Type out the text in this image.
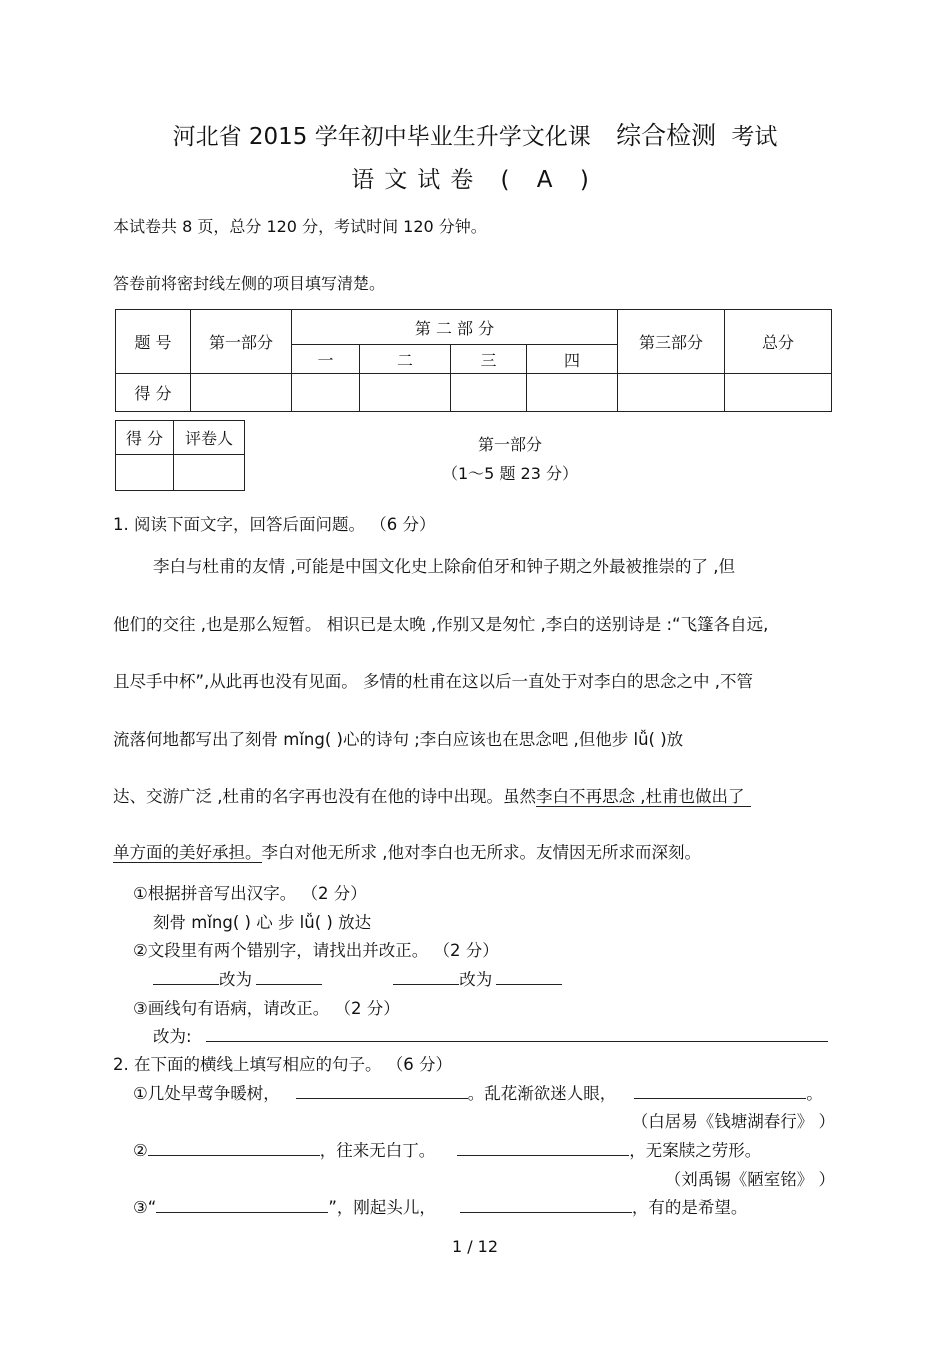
河北省 2015 学年初中毕业生升学文化课 综合检测 考试
语文试卷 ( A )
本试卷共 8 页，总分 120 分，考试时间 120 分钟。
答卷前将密封线左侧的项目填写清楚。
题 号	第一部分	第 二 部 分				第三部分	总分
		一	二	三	四		
得 分							
得 分	评卷人
		第一部分
（1～5 题 23 分）
1. 阅读下面文字，回答后面问题。 （6 分）
李白与杜甫的友情 ,可能是中国文化史上除俞伯牙和钟子期之外最被推崇的了 ,但
他们的交往 ,也是那么短暂。 相识已是太晚 ,作别又是匆忙 ,李白的送别诗是 :“飞篷各自远,
且尽手中杯”,从此再也没有见面。 多情的杜甫在这以后一直处于对李白的思念之中 ,不管
流落何地都写出了刻骨 mǐng( )心的诗句 ;李白应该也在思念吧 ,但他步 lǚ( )放
达、交游广泛 ,杜甫的名字再也没有在他的诗中出现。虽然李白不再思念 ,杜甫也做出了
单方面的美好承担。李白对他无所求 ,他对李白也无所求。友情因无所求而深刻。
①根据拼音写出汉字。 （2 分）
刻骨 mǐng( ) 心 步 lǚ( ) 放达
②文段里有两个错别字，请找出并改正。 （2 分）
改为	改为
③画线句有语病，请改正。 （2 分）
改为:
2. 在下面的横线上填写相应的句子。 （6 分）
①几处早莺争暖树，	。乱花渐欲迷人眼，	。
（白居易《钱塘湖春行》 ）
②	，往来无白丁。	，无案牍之劳形。
（刘禹锡《陋室铭》 ）
③“	”，刚起头儿，	，有的是希望。
1 / 12
